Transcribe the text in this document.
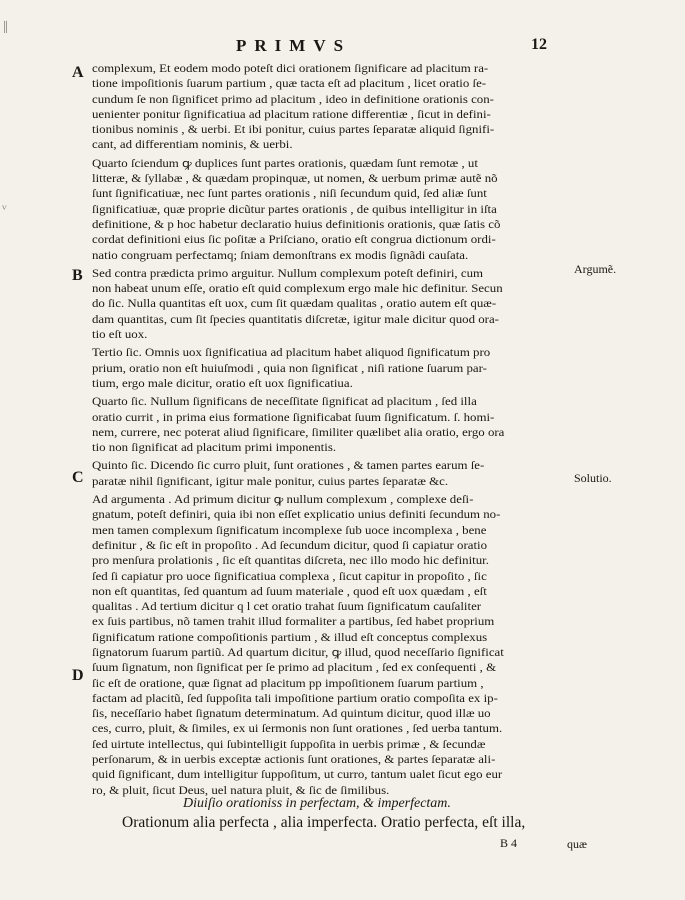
PRIMVS	12
A
B
C
D
Argumẽ.
Solutio.
║
ⱽ
complexum, Et eodem modo poteſt dici orationem ſignificare ad placitum ra-
tione impoſitionis ſuarum partium , quæ tacta eſt ad placitum , licet oratio ſe-
cundum ſe non ſignificet primo ad placitum , ideo in definitione orationis con-
uenienter ponitur ſignificatiua ad placitum ratione differentiæ , ſicut in defini-
tionibus nominis , & uerbi. Et ibi ponitur, cuius partes ſeparatæ aliquid ſignifi-
cant, ad differentiam nominis, & uerbi.
Quarto ſciendum ꝙ duplices ſunt partes orationis, quædam ſunt remotæ , ut
litteræ, & ſyllabæ , & quædam propinquæ, ut nomen, & uerbum primæ autẽ nõ
ſunt ſignificatiuæ, nec ſunt partes orationis , niſi ſecundum quid, ſed aliæ ſunt
ſignificatiuæ, quæ proprie dicũtur partes orationis , de quibus intelligitur in iſta
definitione, & p hoc habetur declaratio huius definitionis orationis, quæ ſatis cõ
cordat definitioni eius ſic poſitæ a Priſciano, oratio eſt congrua dictionum ordi-
natio congruam perfectamq; ſniam demonſtrans ex modis ſignãdi cauſata.
Sed contra prædicta primo arguitur. Nullum complexum poteſt definiri, cum
non habeat unum eſſe, oratio eſt quid complexum ergo male hic definitur. Secun
do ſic. Nulla quantitas eſt uox, cum ſit quædam qualitas , oratio autem eſt quæ-
dam quantitas, cum ſit ſpecies quantitatis diſcretæ, igitur male dicitur quod ora-
tio eſt uox.
Tertio ſic. Omnis uox ſignificatiua ad placitum habet aliquod ſignificatum pro
prium, oratio non eſt huiuſmodi , quia non ſignificat , niſi ratione ſuarum par-
tium, ergo male dicitur, oratio eſt uox ſignificatiua.
Quarto ſic. Nullum ſignificans de neceſſitate ſignificat ad placitum , ſed illa
oratio currit , in prima eius formatione ſignificabat ſuum ſignificatum. ſ. homi-
nem, currere, nec poterat aliud ſignificare, ſimiliter quælibet alia oratio, ergo ora
tio non ſignificat ad placitum primi imponentis.
Quinto ſic. Dicendo ſic curro pluit, ſunt orationes , & tamen partes earum ſe-
paratæ nihil ſignificant, igitur male ponitur, cuius partes ſeparatæ &c.
Ad argumenta . Ad primum dicitur ꝙ nullum complexum , complexe deſi-
gnatum, poteſt definiri, quia ibi non eſſet explicatio unius definiti ſecundum no-
men tamen complexum ſignificatum incomplexe ſub uoce incomplexa , bene
definitur , & ſic eſt in propoſito . Ad ſecundum dicitur, quod ſi capiatur oratio
pro menſura prolationis , ſic eſt quantitas diſcreta, nec illo modo hic definitur.
ſed ſi capiatur pro uoce ſignificatiua complexa , ſicut capitur in propoſito , ſic
non eſt quantitas, ſed quantum ad ſuum materiale , quod eſt uox quædam , eſt
qualitas . Ad tertium dicitur q l cet oratio trahat ſuum ſignificatum cauſaliter
ex ſuis partibus, nõ tamen trahit illud formaliter a partibus, ſed habet proprium
ſignificatum ratione compoſitionis partium , & illud eſt conceptus complexus
ſignatorum ſuarum partiũ. Ad quartum dicitur, ꝙ illud, quod neceſſario ſignificat
ſuum ſignatum, non ſignificat per ſe primo ad placitum , ſed ex conſequenti , &
ſic eſt de oratione, quæ ſignat ad placitum pp impoſitionem ſuarum partium ,
factam ad placitũ, ſed ſuppoſita tali impoſitione partium oratio compoſita ex ip-
ſis, neceſſario habet ſignatum determinatum. Ad quintum dicitur, quod illæ uo
ces, curro, pluit, & ſimiles, ex ui ſermonis non ſunt orationes , ſed uerba tantum.
ſed uirtute intellectus, qui ſubintelligit ſuppoſita in uerbis primæ , & ſecundæ
perſonarum, & in uerbis exceptæ actionis ſunt orationes, & partes ſeparatæ ali-
quid ſignificant, dum intelligitur ſuppoſitum, ut curro, tantum ualet ſicut ego eur
ro, & pluit, ſicut Deus, uel natura pluit, & ſic de ſimilibus.
Diuiſio orationiss in perfectam, & imperfectam.
Orationum alia perfecta , alia imperfecta. Oratio perfecta, eſt illa,
B 4	quæ
